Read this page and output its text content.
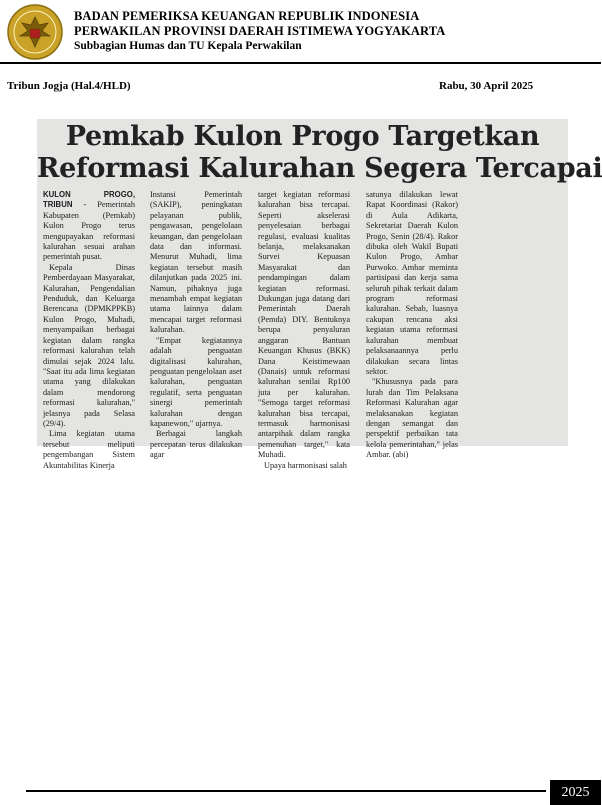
BADAN PEMERIKSA KEUANGAN REPUBLIK INDONESIA
PERWAKILAN PROVINSI DAERAH ISTIMEWA YOGYAKARTA
Subbagian Humas dan TU Kepala Perwakilan
Tribun Jogja (Hal.4/HLD)	Rabu, 30 April 2025
Pemkab Kulon Progo Targetkan
Reformasi Kalurahan Segera Tercapai

KULON PROGO, TRIBUN - Pemerintah Kabupaten (Pemkab) Kulon Progo terus mengupayakan reformasi kalurahan sesuai arahan pemerintah pusat.

Kepala Dinas Pemberdayaan Masyarakat, Kalurahan, Pengendalian Penduduk, dan Keluarga Berencana (DPMKPPKB) Kulon Progo, Muhadi, menyampaikan berbagai kegiatan dalam rangka reformasi kalurahan telah dimulai sejak 2024 lalu. "Saat itu ada lima kegiatan utama yang dilakukan dalam mendorong reformasi kalurahan," jelasnya pada Selasa (29/4).

Lima kegiatan utama tersebut meliputi pengembangan Sistem Akuntabilitas Kinerja

Instansi Pemerintah (SAKIP), peningkatan pelayanan publik, pengawasan, pengelolaan keuangan, dan pengelolaan data dan informasi. Menurut Muhadi, lima kegiatan tersebut masih dilanjutkan pada 2025 ini. Namun, pihaknya juga menambah empat kegiatan utama lainnya dalam mencapai target reformasi kalurahan.

"Empat kegiatannya adalah penguatan digitalisasi kalurahan, penguatan pengelolaan aset kalurahan, penguatan regulatif, serta penguatan sinergi pemerintah kalurahan dengan kapanewon," ujarnya.

Berbagai langkah percepatan terus dilakukan agar

target kegiatan reformasi kalurahan bisa tercapai. Seperti akselerasi penyelesaian berbagai regulasi, evaluasi kualitas belanja, melaksanakan Survei Kepuasan Masyarakat dan pendampingan dalam kegiatan reformasi. Dukungan juga datang dari Pemerintah Daerah (Pemda) DIY. Bentuknya berupa penyaluran anggaran Bantuan Keuangan Khusus (BKK) Dana Keistimewaan (Danais) untuk reformasi kalurahan senilai Rp100 juta per kalurahan. "Semoga target reformasi kalurahan bisa tercapai, termasuk harmonisasi antarpihak dalam rangka pemenuhan target," kata Muhadi.

Upaya harmonisasi salah

satunya dilakukan lewat Rapat Koordinasi (Rakor) di Aula Adikarta, Sekretariat Daerah Kulon Progo, Senin (28/4). Rakor dibuka oleh Wakil Bupati Kulon Progo, Ambar Purwoko. Ambar meminta partisipasi dan kerja sama seluruh pihak terkait dalam program reformasi kalurahan. Sebab, luasnya cakupan rencana aksi kegiatan utama reformasi kalurahan membuat pelaksanaannya perlu dilakukan secara lintas sektor.

"Khususnya pada para lurah dan Tim Pelaksana Reformasi Kalurahan agar melaksanakan kegiatan dengan semangat dan perspektif perbaikan tata kelola pemerintahan," jelas Ambar. (abi)

2025
